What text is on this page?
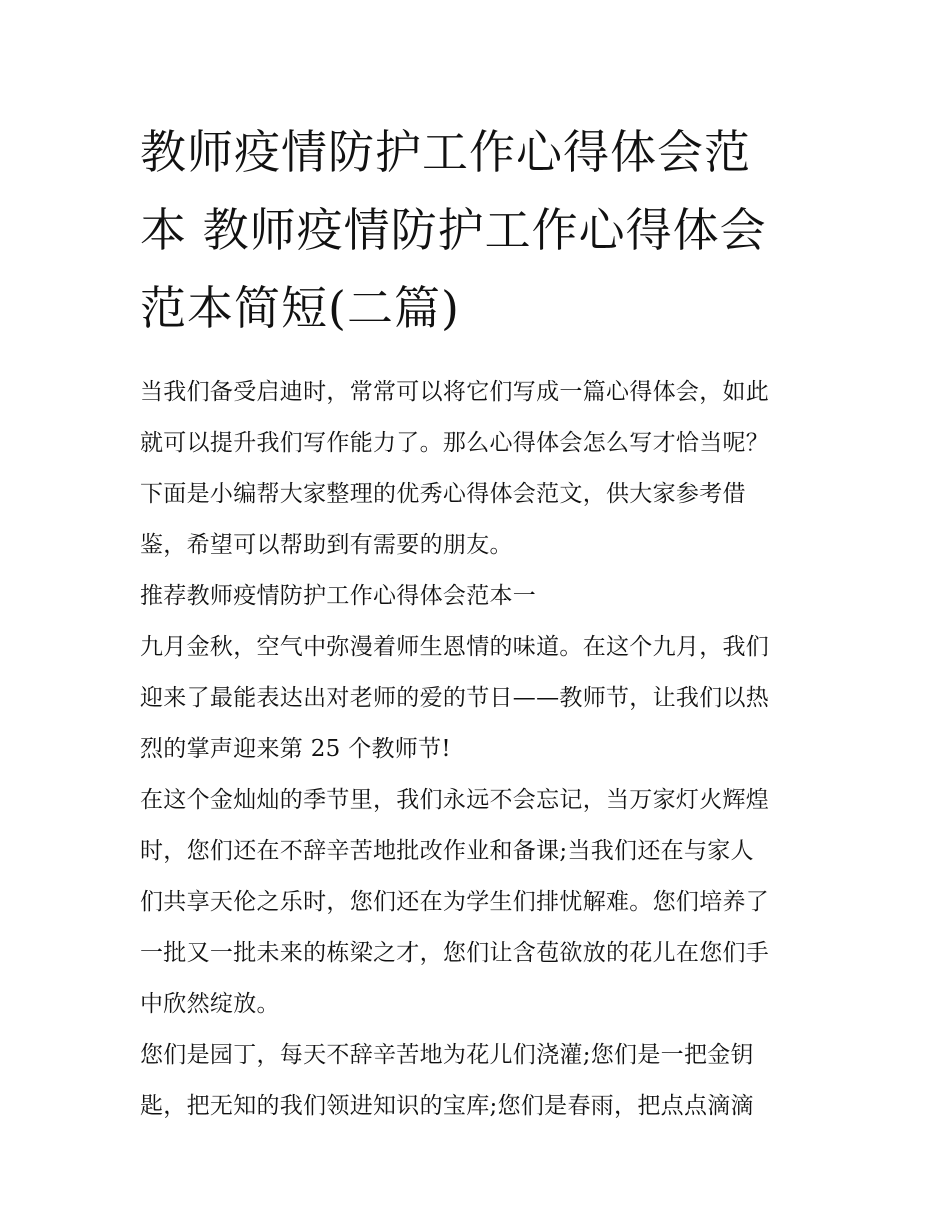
教师疫情防护工作心得体会范
本 教师疫情防护工作心得体会
范本简短(二篇)

当我们备受启迪时，常常可以将它们写成一篇心得体会，如此
就可以提升我们写作能力了。那么心得体会怎么写才恰当呢？
下面是小编帮大家整理的优秀心得体会范文，供大家参考借
鉴，希望可以帮助到有需要的朋友。

推荐教师疫情防护工作心得体会范本一

九月金秋，空气中弥漫着师生恩情的味道。在这个九月，我们
迎来了最能表达出对老师的爱的节日——教师节，让我们以热
烈的掌声迎来第 25 个教师节!

在这个金灿灿的季节里，我们永远不会忘记，当万家灯火辉煌
时，您们还在不辞辛苦地批改作业和备课;当我们还在与家人
们共享天伦之乐时，您们还在为学生们排忧解难。您们培养了
一批又一批未来的栋梁之才，您们让含苞欲放的花儿在您们手
中欣然绽放。

您们是园丁，每天不辞辛苦地为花儿们浇灌;您们是一把金钥
匙，把无知的我们领进知识的宝库;您们是春雨，把点点滴滴
